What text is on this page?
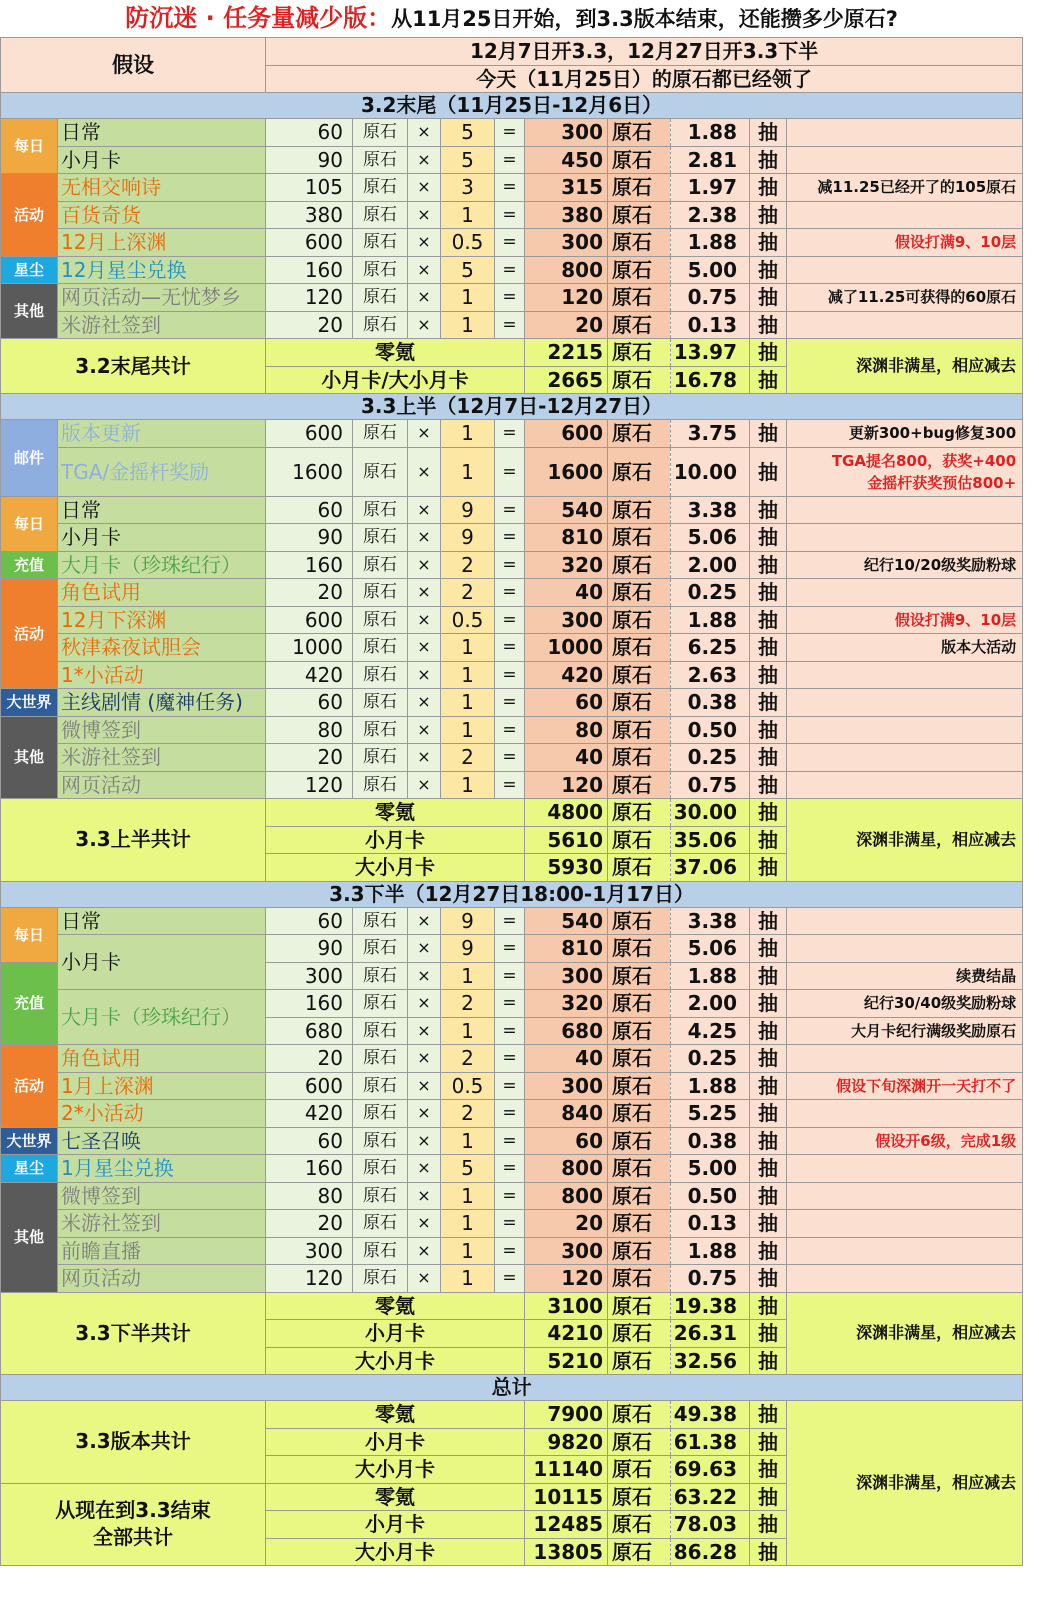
防沉迷 · 任务量减少版：从11月25日开始，到3.3版本结束，还能攒多少原石?											
假设		12月7日开3.3，12月27日开3.3下半									
		今天（11月25日）的原石都已经领了									
3.2末尾（11月25日-12月6日）											
每日	日常	60	原石	×	5	=	300	原石	1.88	抽	
	小月卡	90	原石	×	5	=	450	原石	2.81	抽	
活动	无相交响诗	105	原石	×	3	=	315	原石	1.97	抽	减11.25已经开了的105原石
	百货奇货	380	原石	×	1	=	380	原石	2.38	抽	
	12月上深渊	600	原石	×	0.5	=	300	原石	1.88	抽	假设打满9、10层
星尘	12月星尘兑换	160	原石	×	5	=	800	原石	5.00	抽	
其他	网页活动—无忧梦乡	120	原石	×	1	=	120	原石	0.75	抽	减了11.25可获得的60原石
	米游社签到	20	原石	×	1	=	20	原石	0.13	抽	
3.2末尾共计		零氪					2215	原石	13.97	抽	深渊非满星，相应减去
		小月卡/大小月卡					2665	原石	16.78	抽	
3.3上半（12月7日-12月27日）											
邮件	版本更新	600	原石	×	1	=	600	原石	3.75	抽	更新300+bug修复300
	TGA/金摇杆奖励	1600	原石	×	1	=	1600	原石	10.00	抽	TGA提名800，获奖+400
金摇杆获奖预估800+

每日	日常	60	原石	×	9	=	540	原石	3.38	抽	
	小月卡	90	原石	×	9	=	810	原石	5.06	抽	
充值	大月卡（珍珠纪行）	160	原石	×	2	=	320	原石	2.00	抽	纪行10/20级奖励粉球
活动	角色试用	20	原石	×	2	=	40	原石	0.25	抽	
	12月下深渊	600	原石	×	0.5	=	300	原石	1.88	抽	假设打满9、10层
	秋津森夜试胆会	1000	原石	×	1	=	1000	原石	6.25	抽	版本大活动
	1*小活动	420	原石	×	1	=	420	原石	2.63	抽	
大世界	主线剧情 (魔神任务)	60	原石	×	1	=	60	原石	0.38	抽	
其他	微博签到	80	原石	×	1	=	80	原石	0.50	抽	
	米游社签到	20	原石	×	2	=	40	原石	0.25	抽	
	网页活动	120	原石	×	1	=	120	原石	0.75	抽	
3.3上半共计		零氪					4800	原石	30.00	抽	深渊非满星，相应减去
		小月卡					5610	原石	35.06	抽	
		大小月卡					5930	原石	37.06	抽	
3.3下半（12月27日18:00-1月17日）											
每日	日常	60	原石	×	9	=	540	原石	3.38	抽	
	小月卡	90	原石	×	9	=	810	原石	5.06	抽	
充值		300	原石	×	1	=	300	原石	1.88	抽	续费结晶
	大月卡（珍珠纪行）	160	原石	×	2	=	320	原石	2.00	抽	纪行30/40级奖励粉球
		680	原石	×	1	=	680	原石	4.25	抽	大月卡纪行满级奖励原石
活动	角色试用	20	原石	×	2	=	40	原石	0.25	抽	
	1月上深渊	600	原石	×	0.5	=	300	原石	1.88	抽	假设下旬深渊开一天打不了
	2*小活动	420	原石	×	2	=	840	原石	5.25	抽	
大世界	七圣召唤	60	原石	×	1	=	60	原石	0.38	抽	假设开6级，完成1级
星尘	1月星尘兑换	160	原石	×	5	=	800	原石	5.00	抽	
其他	微博签到	80	原石	×	1	=	800	原石	0.50	抽	
	米游社签到	20	原石	×	1	=	20	原石	0.13	抽	
	前瞻直播	300	原石	×	1	=	300	原石	1.88	抽	
	网页活动	120	原石	×	1	=	120	原石	0.75	抽	
3.3下半共计		零氪					3100	原石	19.38	抽	深渊非满星，相应减去
		小月卡					4210	原石	26.31	抽	
		大小月卡					5210	原石	32.56	抽	
总计											
3.3版本共计		零氪					7900	原石	49.38	抽	深渊非满星，相应减去
		小月卡					9820	原石	61.38	抽	
		大小月卡					11140	原石	69.63	抽	
从现在到3.3结束
全部共计		零氪					10115	原石	63.22	抽	
		小月卡					12485	原石	78.03	抽	
		大小月卡					13805	原石	86.28	抽	
